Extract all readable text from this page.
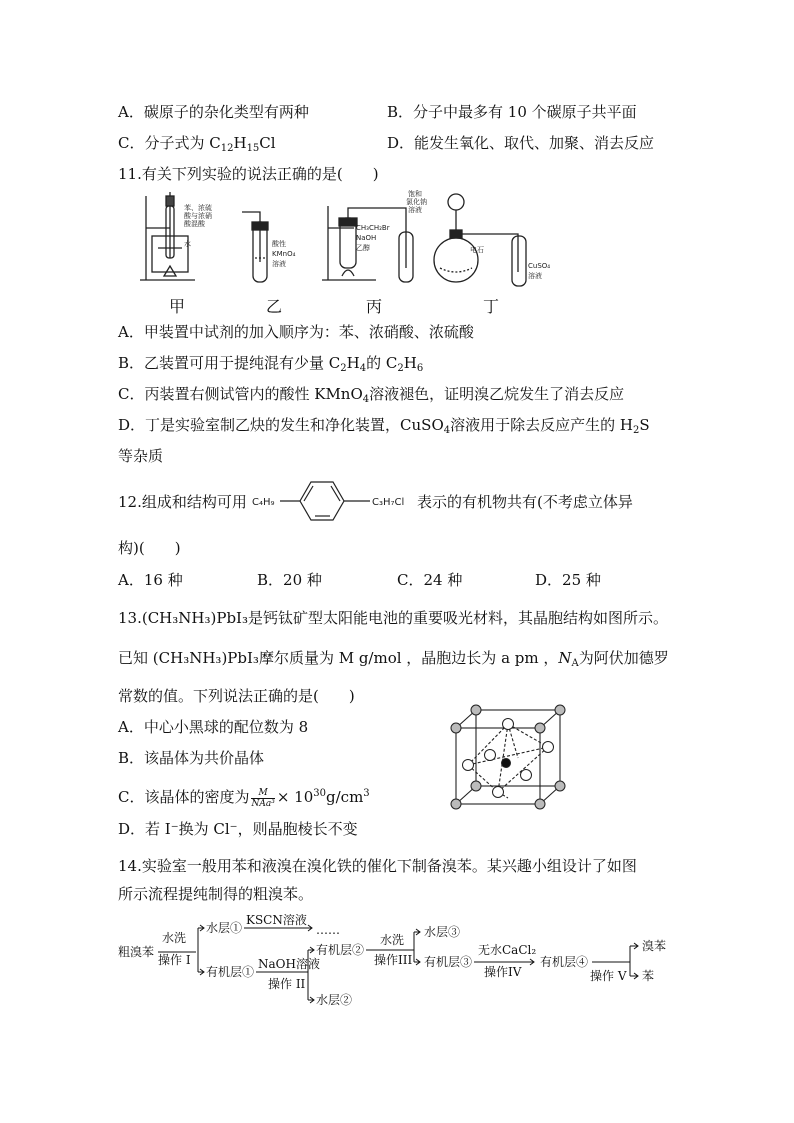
A．碳原子的杂化类型有两种	B．分子中最多有 10 个碳原子共平面
C．分子式为 $C_{12}H_{15}Cl$	D．能发生氧化、取代、加聚、消去反应
11.有关下列实验的说法正确的是(　　)
苯、浓硫
酸与浓硝
酸混酸
水	酸性
KMnO₄
溶液
CH₃CH₂Br
NaOH
乙醇
饱和
氯化钠
溶液
电石
CuSO₄
溶液
甲	乙	丙	丁
A．甲装置中试剂的加入顺序为：苯、浓硝酸、浓硫酸
B．乙装置可用于提纯混有少量 $C_2H_4$的 $C_2H_6$
C．丙装置右侧试管内的酸性 KMnO$_4$溶液褪色，证明溴乙烷发生了消去反应
D．丁是实验室制乙炔的发生和净化装置，CuSO$_4$溶液用于除去反应产生的 $H_2S$
等杂质
12.组成和结构可用 C₄H₉	C₃H₇Cl 表示的有机物共有(不考虑立体异
构)(　　)
A．16 种	B．20 种	C．24 种	D．25 种
13.(CH₃NH₃)PbI₃是钙钛矿型太阳能电池的重要吸光材料，其晶胞结构如图所示。
已知 (CH₃NH₃)PbI₃摩尔质量为 M g/mol ，晶胞边长为 a pm ，$N_A$为阿伏加德罗
常数的值。下列说法正确的是(　　)
A．中心小黑球的配位数为 8
B．该晶体为共价晶体
C．该晶体的密度为	M
$NAa^3 \times 10^{30}g/cm^3$
D．若 I⁻换为 Cl⁻，则晶胞棱长不变
14.实验室一般用苯和液溴在溴化铁的催化下制备溴苯。某兴趣小组设计了如图
所示流程提纯制得的粗溴苯。
粗溴苯
水洗
操作 I
水层①
KSCN溶液
……
有机层①
NaOH溶液
操作 II
有机层②
水层②
水洗
操作III
水层③
有机层③
无水CaCl₂
操作IV
有机层④
操作 V
溴苯
苯
